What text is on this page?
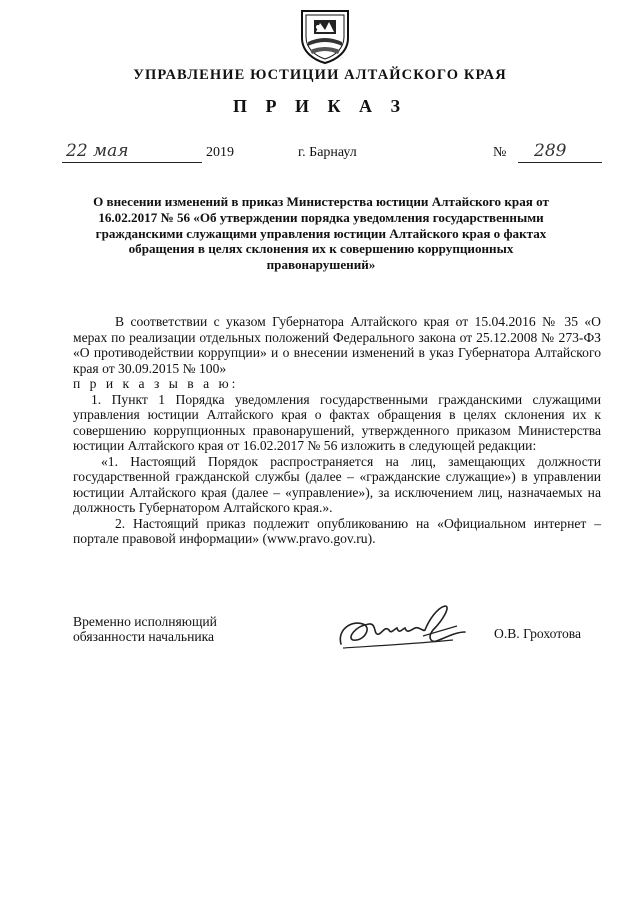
УПРАВЛЕНИЕ ЮСТИЦИИ АЛТАЙСКОГО КРАЯ
П Р И К А З
22 мая	2019	г. Барнаул	№ 289
О внесении изменений в приказ Министерства юстиции Алтайского края от 16.02.2017 № 56 «Об утверждении порядка уведомления государственными гражданскими служащими управления юстиции Алтайского края о фактах обращения в целях склонения их к совершению коррупционных правонарушений»

В соответствии с указом Губернатора Алтайского края от 15.04.2016 № 35 «О мерах по реализации отдельных положений Федерального закона от 25.12.2008 № 273-ФЗ «О противодействии коррупции» и о внесении изменений в указ Губернатора Алтайского края от 30.09.2015 № 100»

п р и к а з ы в а ю:

1. Пункт 1 Порядка уведомления государственными гражданскими служащими управления юстиции Алтайского края о фактах обращения в целях склонения их к совершению коррупционных правонарушений, утвержденного приказом Министерства юстиции Алтайского края от 16.02.2017 № 56 изложить в следующей редакции:

«1. Настоящий Порядок распространяется на лиц, замещающих должности государственной гражданской службы (далее – «гражданские служащие») в управлении юстиции Алтайского края (далее – «управление»), за исключением лиц, назначаемых на должность Губернатором Алтайского края.».

2. Настоящий приказ подлежит опубликованию на «Официальном интернет – портале правовой информации» (www.pravo.gov.ru).

Временно исполняющий
обязанности начальника	О.В. Грохотова
